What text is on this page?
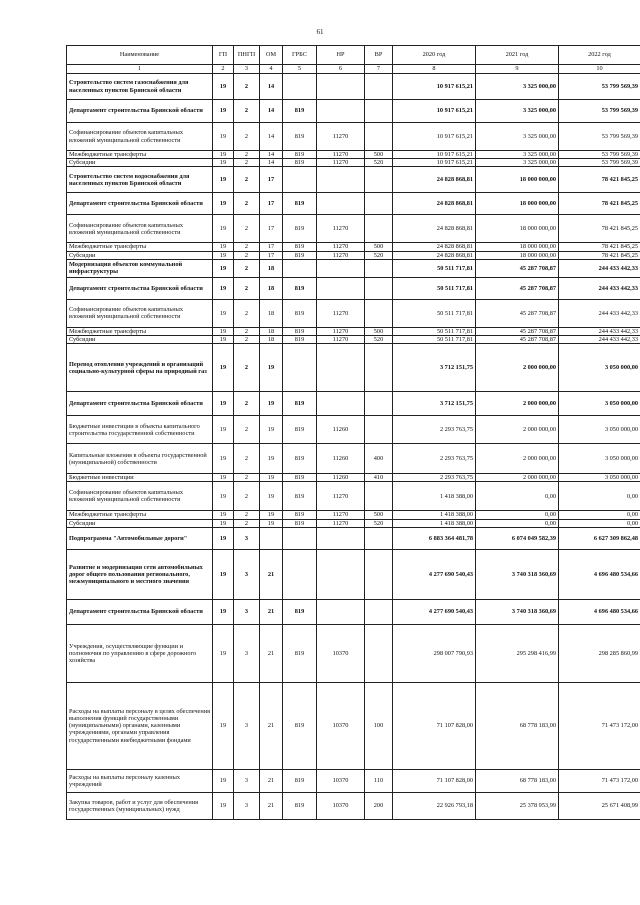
61
Наименование	ГП	ПНГП	ОМ	ГРБС	НР	ВР	2020 год	2021 год	2022 год
1	2	3	4	5	6	7	8	9	10
Строительство систем газоснабжения для населенных пунктов Брянской области	19	2	14				10 917 615,21	3 325 000,00	53 799 569,39
Департамент строительства Брянской области	19	2	14	819			10 917 615,21	3 325 000,00	53 799 569,39
Софинансирование объектов капитальных вложений муниципальной собственности	19	2	14	819	11270		10 917 615,21	3 325 000,00	53 799 569,39
Межбюджетные трансферты	19	2	14	819	11270	500	10 917 615,21	3 325 000,00	53 799 569,39
Субсидии	19	2	14	819	11270	520	10 917 615,21	3 325 000,00	53 799 569,39
Строительство систем водоснабжения для населенных пунктов Брянской области	19	2	17				24 828 868,81	18 000 000,00	78 421 845,25
Департамент строительства Брянской области	19	2	17	819			24 828 868,81	18 000 000,00	78 421 845,25
Софинансирование объектов капитальных вложений муниципальной собственности	19	2	17	819	11270		24 828 868,81	18 000 000,00	78 421 845,25
Межбюджетные трансферты	19	2	17	819	11270	500	24 828 868,81	18 000 000,00	78 421 845,25
Субсидии	19	2	17	819	11270	520	24 828 868,81	18 000 000,00	78 421 845,25
Модернизация объектов коммунальной инфраструктуры	19	2	18				50 511 717,81	45 287 708,87	244 433 442,33
Департамент строительства Брянской области	19	2	18	819			50 511 717,81	45 287 708,87	244 433 442,33
Софинансирование объектов капитальных вложений муниципальной собственности	19	2	18	819	11270		50 511 717,81	45 287 708,87	244 433 442,33
Межбюджетные трансферты	19	2	18	819	11270	500	50 511 717,81	45 287 708,87	244 433 442,33
Субсидии	19	2	18	819	11270	520	50 511 717,81	45 287 708,87	244 433 442,33
Перевод отопления учреждений и организаций социально-культурной сферы на природный газ	19	2	19				3 712 151,75	2 000 000,00	3 050 000,00
Департамент строительства Брянской области	19	2	19	819			3 712 151,75	2 000 000,00	3 050 000,00
Бюджетные инвестиции в объекты капитального строительства государственной собственности	19	2	19	819	11260		2 293 763,75	2 000 000,00	3 050 000,00
Капитальные вложения в объекты государственной (муниципальной) собственности	19	2	19	819	11260	400	2 293 763,75	2 000 000,00	3 050 000,00
Бюджетные инвестиции	19	2	19	819	11260	410	2 293 763,75	2 000 000,00	3 050 000,00
Софинансирование объектов капитальных вложений муниципальной собственности	19	2	19	819	11270		1 418 388,00	0,00	0,00
Межбюджетные трансферты	19	2	19	819	11270	500	1 418 388,00	0,00	0,00
Субсидии	19	2	19	819	11270	520	1 418 388,00	0,00	0,00
Подпрограмма "Автомобильные дороги"	19	3					6 883 364 481,78	6 074 049 582,39	6 627 309 862,48
Развитие и модернизация сети автомобильных дорог общего пользования регионального, межмуниципального и местного значения	19	3	21				4 277 690 540,43	3 740 318 360,69	4 696 480 534,66
Департамент строительства Брянской области	19	3	21	819			4 277 690 540,43	3 740 318 360,69	4 696 480 534,66
Учреждения, осуществляющие функции и полномочия по управлению в сфере дорожного хозяйства	19	3	21	819	10370		298 007 790,93	295 298 416,99	298 285 860,99
Расходы на выплаты персоналу в целях обеспечения выполнения функций государственными (муниципальными) органами, казенными учреждениями, органами управления государственными внебюджетными фондами	19	3	21	819	10370	100	71 107 828,00	68 778 183,00	71 473 172,00
Расходы на выплаты персоналу казенных учреждений	19	3	21	819	10370	110	71 107 828,00	68 778 183,00	71 473 172,00
Закупка товаров, работ и услуг для обеспечения государственных (муниципальных) нужд	19	3	21	819	10370	200	22 926 793,18	25 378 953,99	25 671 408,99
